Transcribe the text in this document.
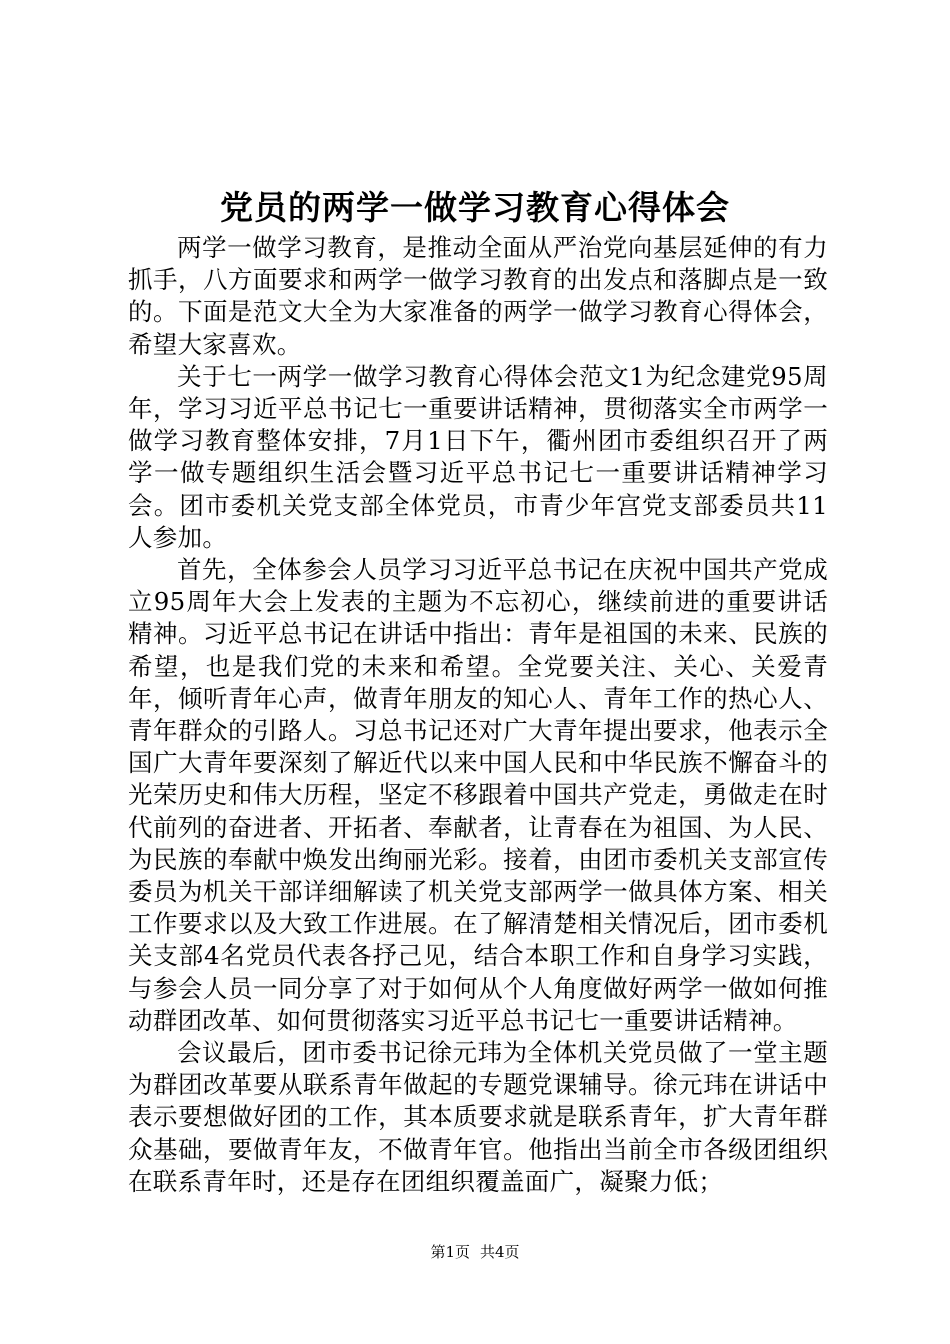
党员的两学一做学习教育心得体会

两学一做学习教育，是推动全面从严治党向基层延伸的有力抓手，八方面要求和两学一做学习教育的出发点和落脚点是一致的。下面是范文大全为大家准备的两学一做学习教育心得体会，希望大家喜欢。

关于七一两学一做学习教育心得体会范文1为纪念建党95周年，学习习近平总书记七一重要讲话精神，贯彻落实全市两学一做学习教育整体安排，7月1日下午，衢州团市委组织召开了两学一做专题组织生活会暨习近平总书记七一重要讲话精神学习会。团市委机关党支部全体党员，市青少年宫党支部委员共11人参加。

首先，全体参会人员学习习近平总书记在庆祝中国共产党成立95周年大会上发表的主题为不忘初心，继续前进的重要讲话精神。习近平总书记在讲话中指出：青年是祖国的未来、民族的希望，也是我们党的未来和希望。全党要关注、关心、关爱青年，倾听青年心声，做青年朋友的知心人、青年工作的热心人、青年群众的引路人。习总书记还对广大青年提出要求，他表示全国广大青年要深刻了解近代以来中国人民和中华民族不懈奋斗的光荣历史和伟大历程，坚定不移跟着中国共产党走，勇做走在时代前列的奋进者、开拓者、奉献者，让青春在为祖国、为人民、为民族的奉献中焕发出绚丽光彩。接着，由团市委机关支部宣传委员为机关干部详细解读了机关党支部两学一做具体方案、相关工作要求以及大致工作进展。在了解清楚相关情况后，团市委机关支部4名党员代表各抒己见，结合本职工作和自身学习实践，与参会人员一同分享了对于如何从个人角度做好两学一做如何推动群团改革、如何贯彻落实习近平总书记七一重要讲话精神。

会议最后，团市委书记徐元玮为全体机关党员做了一堂主题为群团改革要从联系青年做起的专题党课辅导。徐元玮在讲话中表示要想做好团的工作，其本质要求就是联系青年，扩大青年群众基础，要做青年友，不做青年官。他指出当前全市各级团组织在联系青年时，还是存在团组织覆盖面广，凝聚力低；

第1页 共4页
